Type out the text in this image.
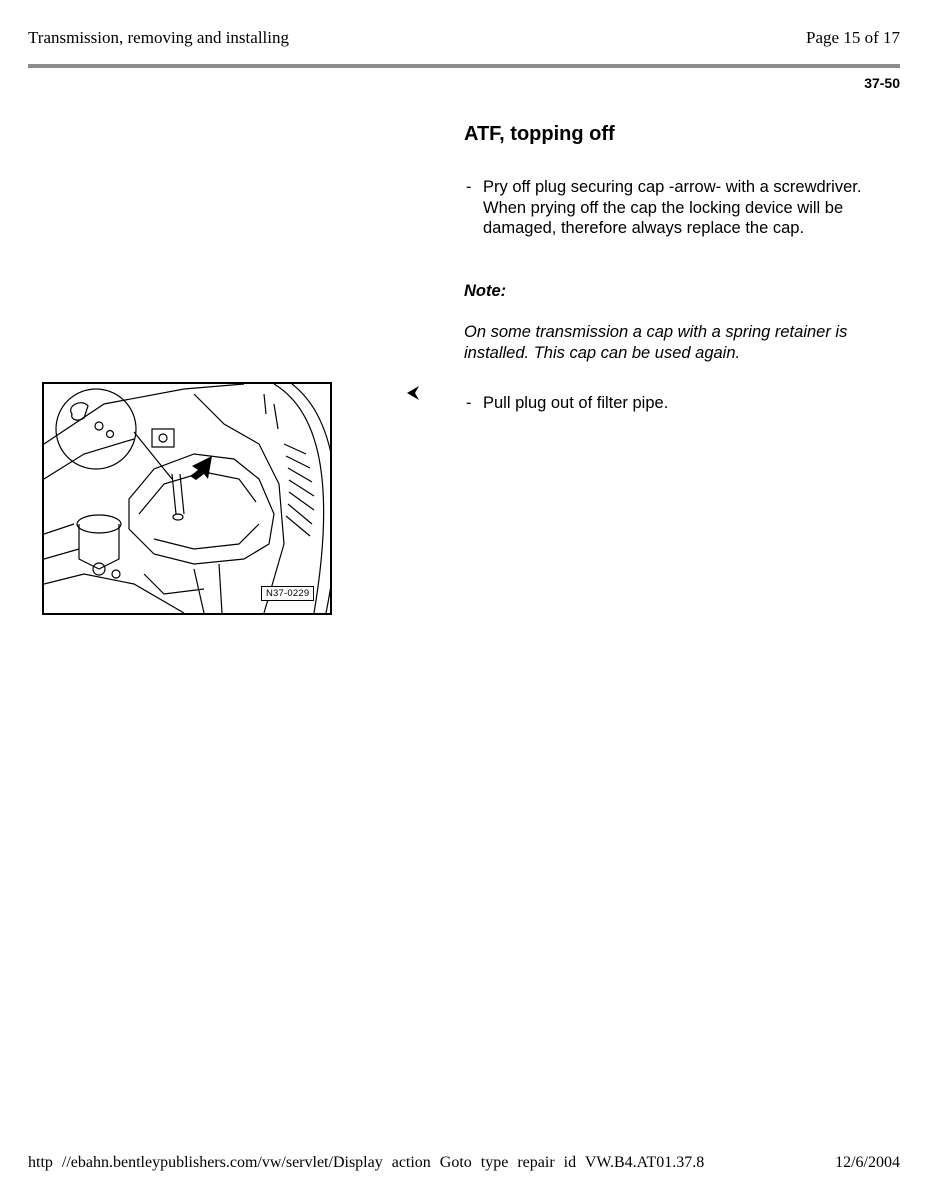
Transmission, removing and installing	Page 15 of 17
37-50
ATF, topping off
- Pry off plug securing cap -arrow- with a screwdriver. When prying off the cap the locking device will be damaged, therefore always replace the cap.
Note:
On some transmission a cap with a spring retainer is installed. This cap can be used again.
- Pull plug out of filter pipe.
N37-0229
http //ebahn.bentleypublishers.com/vw/servlet/Display action Goto type repair id VW.B4.AT01.37.8	12/6/2004
